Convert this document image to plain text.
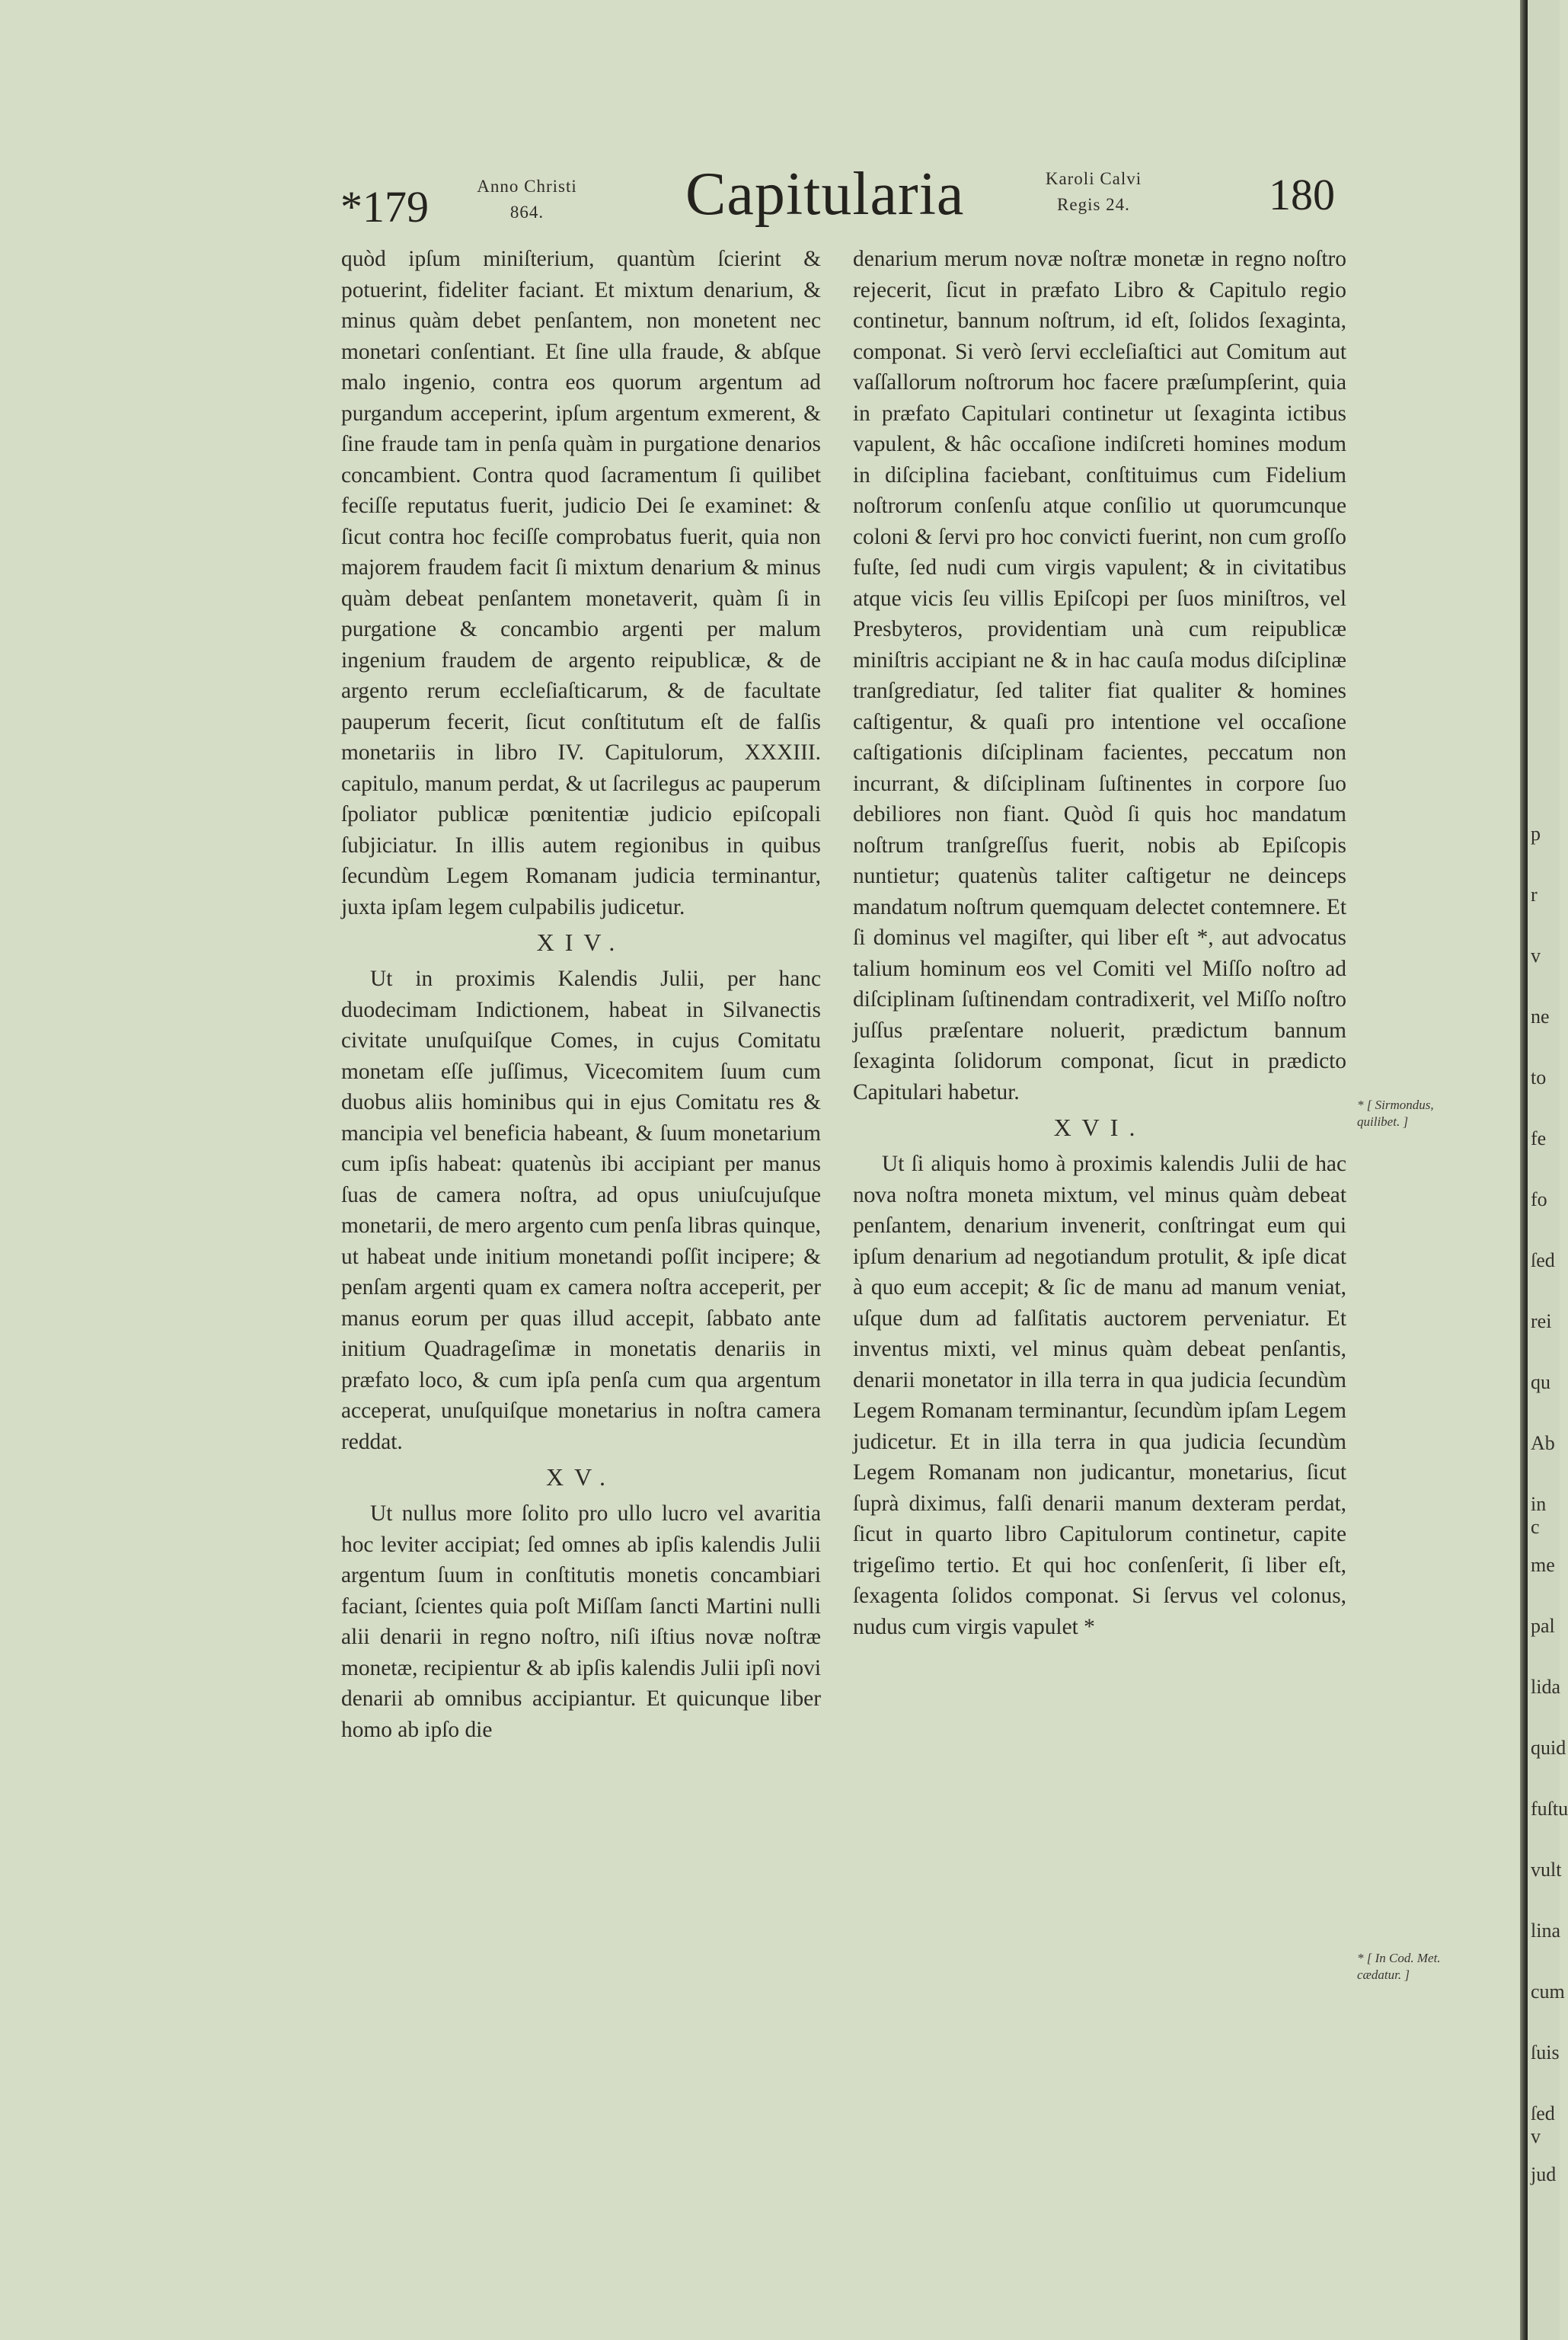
*179	Anno Christi
864.	Capitularia	Karoli Calvi
Regis 24.	180

quòd ipſum miniſterium, quantùm ſcierint & potuerint, fideliter faciant. Et mixtum denarium, & minus quàm debet penſantem, non monetent nec monetari conſentiant. Et ſine ulla fraude, & abſque malo ingenio, contra eos quorum argentum ad purgandum acceperint, ipſum argentum exmerent, & ſine fraude tam in penſa quàm in purgatione denarios concambient. Contra quod ſacramentum ſi quilibet feciſſe reputatus fuerit, judicio Dei ſe examinet: & ſicut contra hoc feciſſe comprobatus fuerit, quia non majorem fraudem facit ſi mixtum denarium & minus quàm debeat penſantem monetaverit, quàm ſi in purgatione & concambio argenti per malum ingenium fraudem de argento reipublicæ, & de argento rerum eccleſiaſticarum, & de facultate pauperum fecerit, ſicut conſtitutum eſt de falſis monetariis in libro IV. Capitulorum, XXXIII. capitulo, manum perdat, & ut ſacrilegus ac pauperum ſpoliator publicæ pœnitentiæ judicio epiſcopali ſubjiciatur. In illis autem regionibus in quibus ſecundùm Legem Romanam judicia terminantur, juxta ipſam legem culpabilis judicetur.

XIV.

Ut in proximis Kalendis Julii, per hanc duodecimam Indictionem, habeat in Silvanectis civitate unuſquiſque Comes, in cujus Comitatu monetam eſſe juſſimus, Vicecomitem ſuum cum duobus aliis hominibus qui in ejus Comitatu res & mancipia vel beneficia habeant, & ſuum monetarium cum ipſis habeat: quatenùs ibi accipiant per manus ſuas de camera noſtra, ad opus uniuſcujuſque monetarii, de mero argento cum penſa libras quinque, ut habeat unde initium monetandi poſſit incipere; & penſam argenti quam ex camera noſtra acceperit, per manus eorum per quas illud accepit, ſabbato ante initium Quadrageſimæ in monetatis denariis in præfato loco, & cum ipſa penſa cum qua argentum acceperat, unuſquiſque monetarius in noſtra camera reddat.

XV.

Ut nullus more ſolito pro ullo lucro vel avaritia hoc leviter accipiat; ſed omnes ab ipſis kalendis Julii argentum ſuum in conſtitutis monetis concambiari faciant, ſcientes quia poſt Miſſam ſancti Martini nulli alii denarii in regno noſtro, niſi iſtius novæ noſtræ monetæ, recipientur & ab ipſis kalendis Julii ipſi novi denarii ab omnibus accipiantur. Et quicunque liber homo ab ipſo die

denarium merum novæ noſtræ monetæ in regno noſtro rejecerit, ſicut in præfato Libro & Capitulo regio continetur, bannum noſtrum, id eſt, ſolidos ſexaginta, componat. Si verò ſervi eccleſiaſtici aut Comitum aut vaſſallorum noſtrorum hoc facere præſumpſerint, quia in præfato Capitulari continetur ut ſexaginta ictibus vapulent, & hâc occaſione indiſcreti homines modum in diſciplina faciebant, conſtituimus cum Fidelium noſtrorum conſenſu atque conſilio ut quorumcunque coloni & ſervi pro hoc convicti fuerint, non cum groſſo fuſte, ſed nudi cum virgis vapulent; & in civitatibus atque vicis ſeu villis Epiſcopi per ſuos miniſtros, vel Presbyteros, providentiam unà cum reipublicæ miniſtris accipiant ne & in hac cauſa modus diſciplinæ tranſgrediatur, ſed taliter fiat qualiter & homines caſtigentur, & quaſi pro intentione vel occaſione caſtigationis diſciplinam facientes, peccatum non incurrant, & diſciplinam ſuſtinentes in corpore ſuo debiliores non fiant. Quòd ſi quis hoc mandatum noſtrum tranſgreſſus fuerit, nobis ab Epiſcopis nuntietur; quatenùs taliter caſtigetur ne deinceps mandatum noſtrum quemquam delectet contemnere. Et ſi dominus vel magiſter, qui liber eſt *, aut advocatus talium hominum eos vel Comiti vel Miſſo noſtro ad diſciplinam ſuſtinendam contradixerit, vel Miſſo noſtro juſſus præſentare noluerit, prædictum bannum ſexaginta ſolidorum componat, ſicut in prædicto Capitulari habetur.

XVI.

Ut ſi aliquis homo à proximis kalendis Julii de hac nova noſtra moneta mixtum, vel minus quàm debeat penſantem, denarium invenerit, conſtringat eum qui ipſum denarium ad negotiandum protulit, & ipſe dicat à quo eum accepit; & ſic de manu ad manum veniat, uſque dum ad falſitatis auctorem perveniatur. Et inventus mixti, vel minus quàm debeat penſantis, denarii monetator in illa terra in qua judicia ſecundùm Legem Romanam terminantur, ſecundùm ipſam Legem judicetur. Et in illa terra in qua judicia ſecundùm Legem Romanam non judicantur, monetarius, ſicut ſuprà diximus, falſi denarii manum dexteram perdat, ſicut in quarto libro Capitulorum continetur, capite trigeſimo tertio. Et qui hoc conſenſerit, ſi liber eſt, ſexagenta ſolidos componat. Si ſervus vel colonus, nudus cum virgis vapulet *

* [ Sirmondus, quilibet. ]
* [ In Cod. Met. cædatur. ]
p
r
v
ne
to
fe
fo
ſed
rei
qu
Ab
in c
me
pal
lida
quid
fuſtu
vult
lina
cum
ſuis
ſed v
jud
